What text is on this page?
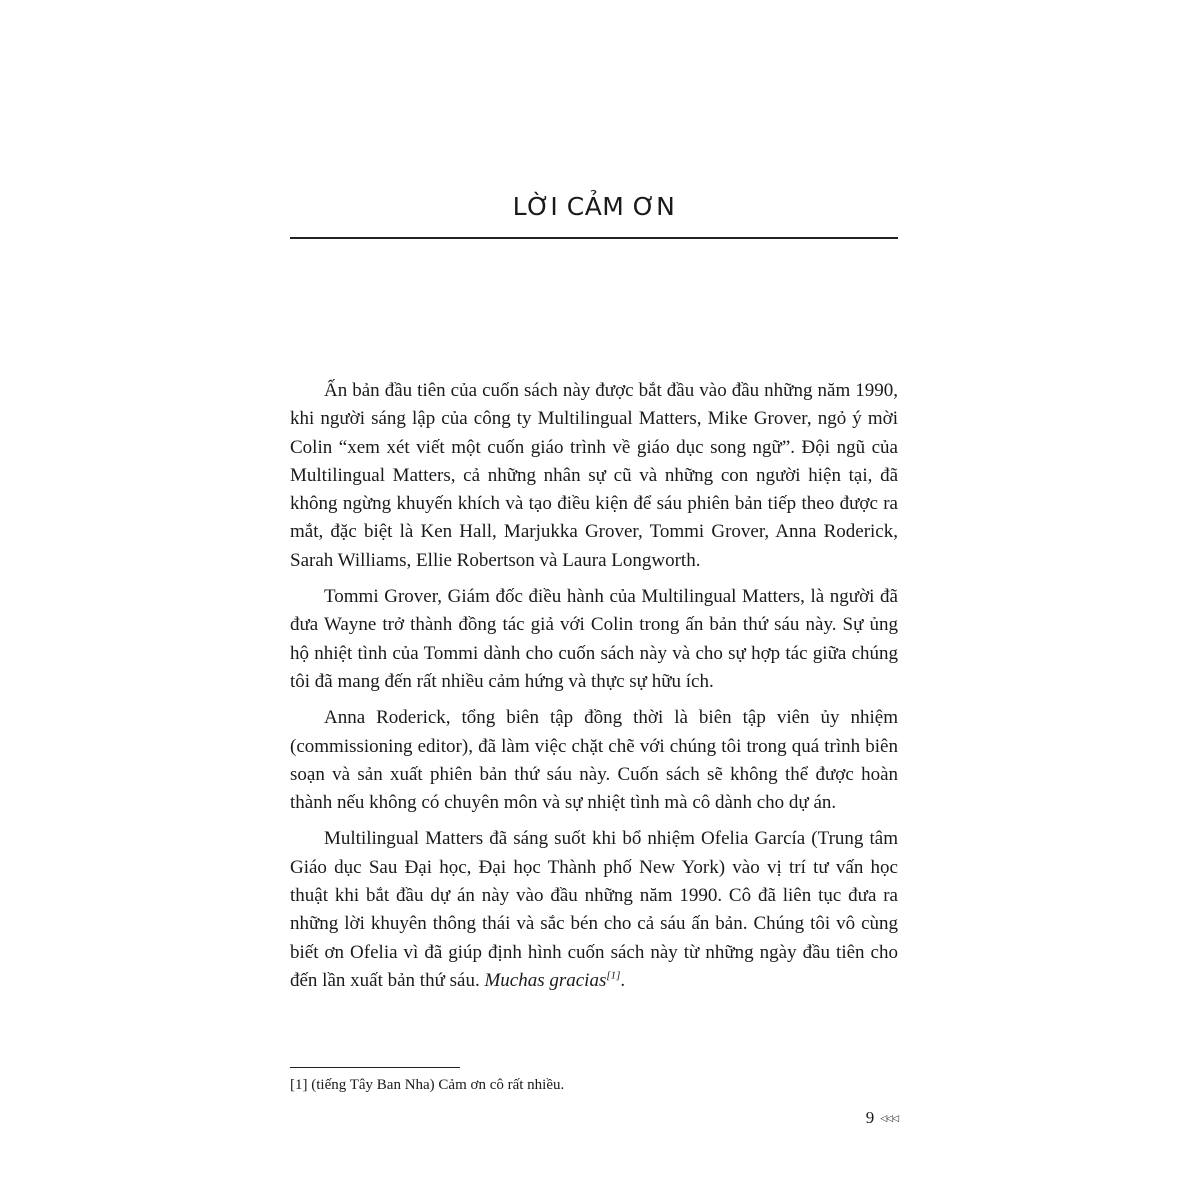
LỜI CẢM ƠN

Ấn bản đầu tiên của cuốn sách này được bắt đầu vào đầu những năm 1990, khi người sáng lập của công ty Multilingual Matters, Mike Grover, ngỏ ý mời Colin “xem xét viết một cuốn giáo trình về giáo dục song ngữ”. Đội ngũ của Multilingual Matters, cả những nhân sự cũ và những con người hiện tại, đã không ngừng khuyến khích và tạo điều kiện để sáu phiên bản tiếp theo được ra mắt, đặc biệt là Ken Hall, Marjukka Grover, Tommi Grover, Anna Roderick, Sarah Williams, Ellie Robertson và Laura Longworth.

Tommi Grover, Giám đốc điều hành của Multilingual Matters, là người đã đưa Wayne trở thành đồng tác giả với Colin trong ấn bản thứ sáu này. Sự ủng hộ nhiệt tình của Tommi dành cho cuốn sách này và cho sự hợp tác giữa chúng tôi đã mang đến rất nhiều cảm hứng và thực sự hữu ích.

Anna Roderick, tổng biên tập đồng thời là biên tập viên ủy nhiệm (commissioning editor), đã làm việc chặt chẽ với chúng tôi trong quá trình biên soạn và sản xuất phiên bản thứ sáu này. Cuốn sách sẽ không thể được hoàn thành nếu không có chuyên môn và sự nhiệt tình mà cô dành cho dự án.

Multilingual Matters đã sáng suốt khi bổ nhiệm Ofelia García (Trung tâm Giáo dục Sau Đại học, Đại học Thành phố New York) vào vị trí tư vấn học thuật khi bắt đầu dự án này vào đầu những năm 1990. Cô đã liên tục đưa ra những lời khuyên thông thái và sắc bén cho cả sáu ấn bản. Chúng tôi vô cùng biết ơn Ofelia vì đã giúp định hình cuốn sách này từ những ngày đầu tiên cho đến lần xuất bản thứ sáu. Muchas gracias[1].

[1] (tiếng Tây Ban Nha) Cảm ơn cô rất nhiều.

9 ◁◁◁
